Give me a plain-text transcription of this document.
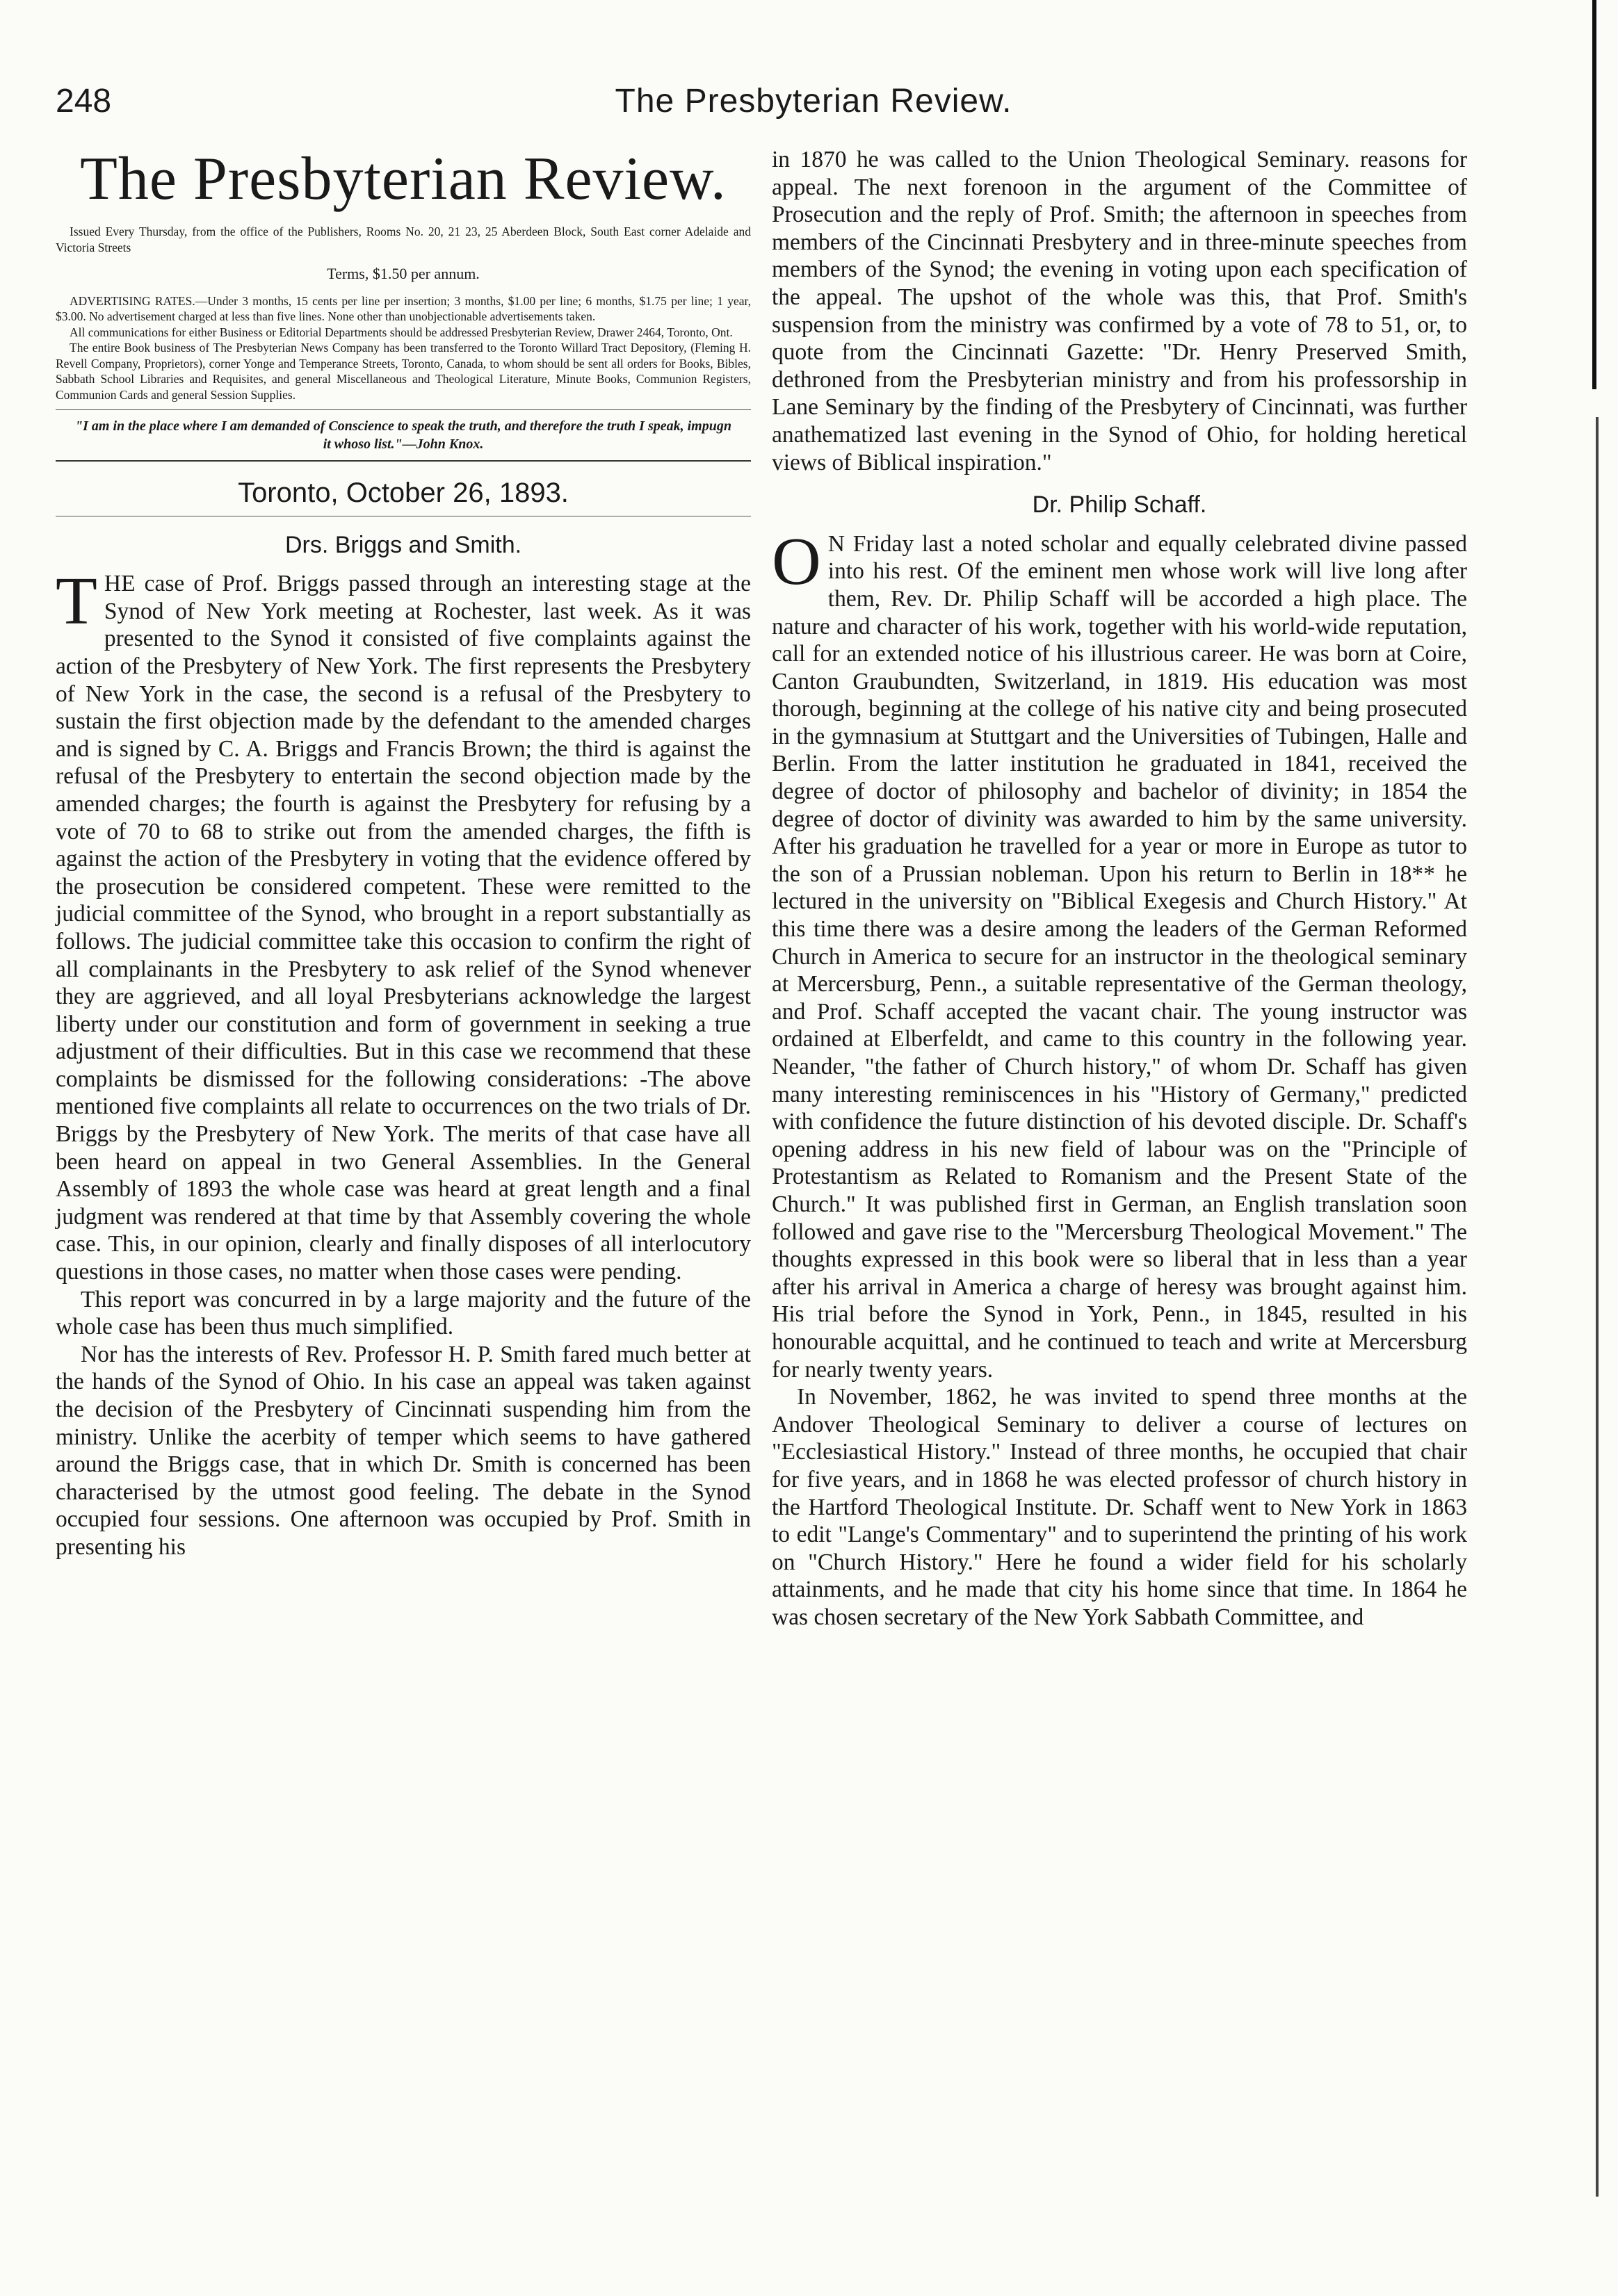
248	The Presbyterian Review.
The Presbyterian Review.

Issued Every Thursday, from the office of the Publishers, Rooms No. 20, 21 23, 25 Aberdeen Block, South East corner Adelaide and Victoria Streets

Terms, $1.50 per annum.

ADVERTISING RATES.—Under 3 months, 15 cents per line per insertion; 3 months, $1.00 per line; 6 months, $1.75 per line; 1 year, $3.00. No advertisement charged at less than five lines. None other than unobjectionable advertisements taken.

All communications for either Business or Editorial Departments should be addressed Presbyterian Review, Drawer 2464, Toronto, Ont.

The entire Book business of The Presbyterian News Company has been transferred to the Toronto Willard Tract Depository, (Fleming H. Revell Company, Proprietors), corner Yonge and Temperance Streets, Toronto, Canada, to whom should be sent all orders for Books, Bibles, Sabbath School Libraries and Requisites, and general Miscellaneous and Theological Literature, Minute Books, Communion Registers, Communion Cards and general Session Supplies.

"I am in the place where I am demanded of Conscience to speak the truth, and therefore the truth I speak, impugn it whoso list."—John Knox.
Toronto, October 26, 1893.
Drs. Briggs and Smith.

THE case of Prof. Briggs passed through an interesting stage at the Synod of New York meeting at Rochester, last week. As it was presented to the Synod it consisted of five complaints against the action of the Presbytery of New York. The first represents the Presbytery of New York in the case, the second is a refusal of the Presbytery to sustain the first objection made by the defendant to the amended charges and is signed by C. A. Briggs and Francis Brown; the third is against the refusal of the Presbytery to entertain the second objection made by the amended charges; the fourth is against the Presbytery for refusing by a vote of 70 to 68 to strike out from the amended charges, the fifth is against the action of the Presbytery in voting that the evidence offered by the prosecution be considered competent. These were remitted to the judicial committee of the Synod, who brought in a report substantially as follows. The judicial committee take this occasion to confirm the right of all complainants in the Presbytery to ask relief of the Synod whenever they are aggrieved, and all loyal Presbyterians acknowledge the largest liberty under our constitution and form of government in seeking a true adjustment of their difficulties. But in this case we recommend that these complaints be dismissed for the following considerations: -The above mentioned five complaints all relate to occurrences on the two trials of Dr. Briggs by the Presbytery of New York. The merits of that case have all been heard on appeal in two General Assemblies. In the General Assembly of 1893 the whole case was heard at great length and a final judgment was rendered at that time by that Assembly covering the whole case. This, in our opinion, clearly and finally disposes of all interlocutory questions in those cases, no matter when those cases were pending.

This report was concurred in by a large majority and the future of the whole case has been thus much simplified.

Nor has the interests of Rev. Professor H. P. Smith fared much better at the hands of the Synod of Ohio. In his case an appeal was taken against the decision of the Presbytery of Cincinnati suspending him from the ministry. Unlike the acerbity of temper which seems to have gathered around the Briggs case, that in which Dr. Smith is concerned has been characterised by the utmost good feeling. The debate in the Synod occupied four sessions. One afternoon was occupied by Prof. Smith in presenting his

in 1870 he was called to the Union Theological Seminary. reasons for appeal. The next forenoon in the argument of the Committee of Prosecution and the reply of Prof. Smith; the afternoon in speeches from members of the Cincinnati Presbytery and in three-minute speeches from members of the Synod; the evening in voting upon each specification of the appeal. The upshot of the whole was this, that Prof. Smith's suspension from the ministry was confirmed by a vote of 78 to 51, or, to quote from the Cincinnati Gazette: "Dr. Henry Preserved Smith, dethroned from the Presbyterian ministry and from his professorship in Lane Seminary by the finding of the Presbytery of Cincinnati, was further anathematized last evening in the Synod of Ohio, for holding heretical views of Biblical inspiration."

Dr. Philip Schaff.

O N Friday last a noted scholar and equally celebrated divine passed into his rest. Of the eminent men whose work will live long after them, Rev. Dr. Philip Schaff will be accorded a high place. The nature and character of his work, together with his world-wide reputation, call for an extended notice of his illustrious career. He was born at Coire, Canton Graubundten, Switzerland, in 1819. His education was most thorough, beginning at the college of his native city and being prosecuted in the gymnasium at Stuttgart and the Universities of Tubingen, Halle and Berlin. From the latter institution he graduated in 1841, received the degree of doctor of philosophy and bachelor of divinity; in 1854 the degree of doctor of divinity was awarded to him by the same university. After his graduation he travelled for a year or more in Europe as tutor to the son of a Prussian nobleman. Upon his return to Berlin in 18** he lectured in the university on "Biblical Exegesis and Church History." At this time there was a desire among the leaders of the German Reformed Church in America to secure for an instructor in the theological seminary at Mercersburg, Penn., a suitable representative of the German theology, and Prof. Schaff accepted the vacant chair. The young instructor was ordained at Elberfeldt, and came to this country in the following year. Neander, "the father of Church history," of whom Dr. Schaff has given many interesting reminiscences in his "History of Germany," predicted with confidence the future distinction of his devoted disciple. Dr. Schaff's opening address in his new field of labour was on the "Principle of Protestantism as Related to Romanism and the Present State of the Church." It was published first in German, an English translation soon followed and gave rise to the "Mercersburg Theological Movement." The thoughts expressed in this book were so liberal that in less than a year after his arrival in America a charge of heresy was brought against him. His trial before the Synod in York, Penn., in 1845, resulted in his honourable acquittal, and he continued to teach and write at Mercersburg for nearly twenty years.

In November, 1862, he was invited to spend three months at the Andover Theological Seminary to deliver a course of lectures on "Ecclesiastical History." Instead of three months, he occupied that chair for five years, and in 1868 he was elected professor of church history in the Hartford Theological Institute. Dr. Schaff went to New York in 1863 to edit "Lange's Commentary" and to superintend the printing of his work on "Church History." Here he found a wider field for his scholarly attainments, and he made that city his home since that time. In 1864 he was chosen secretary of the New York Sabbath Committee, and
